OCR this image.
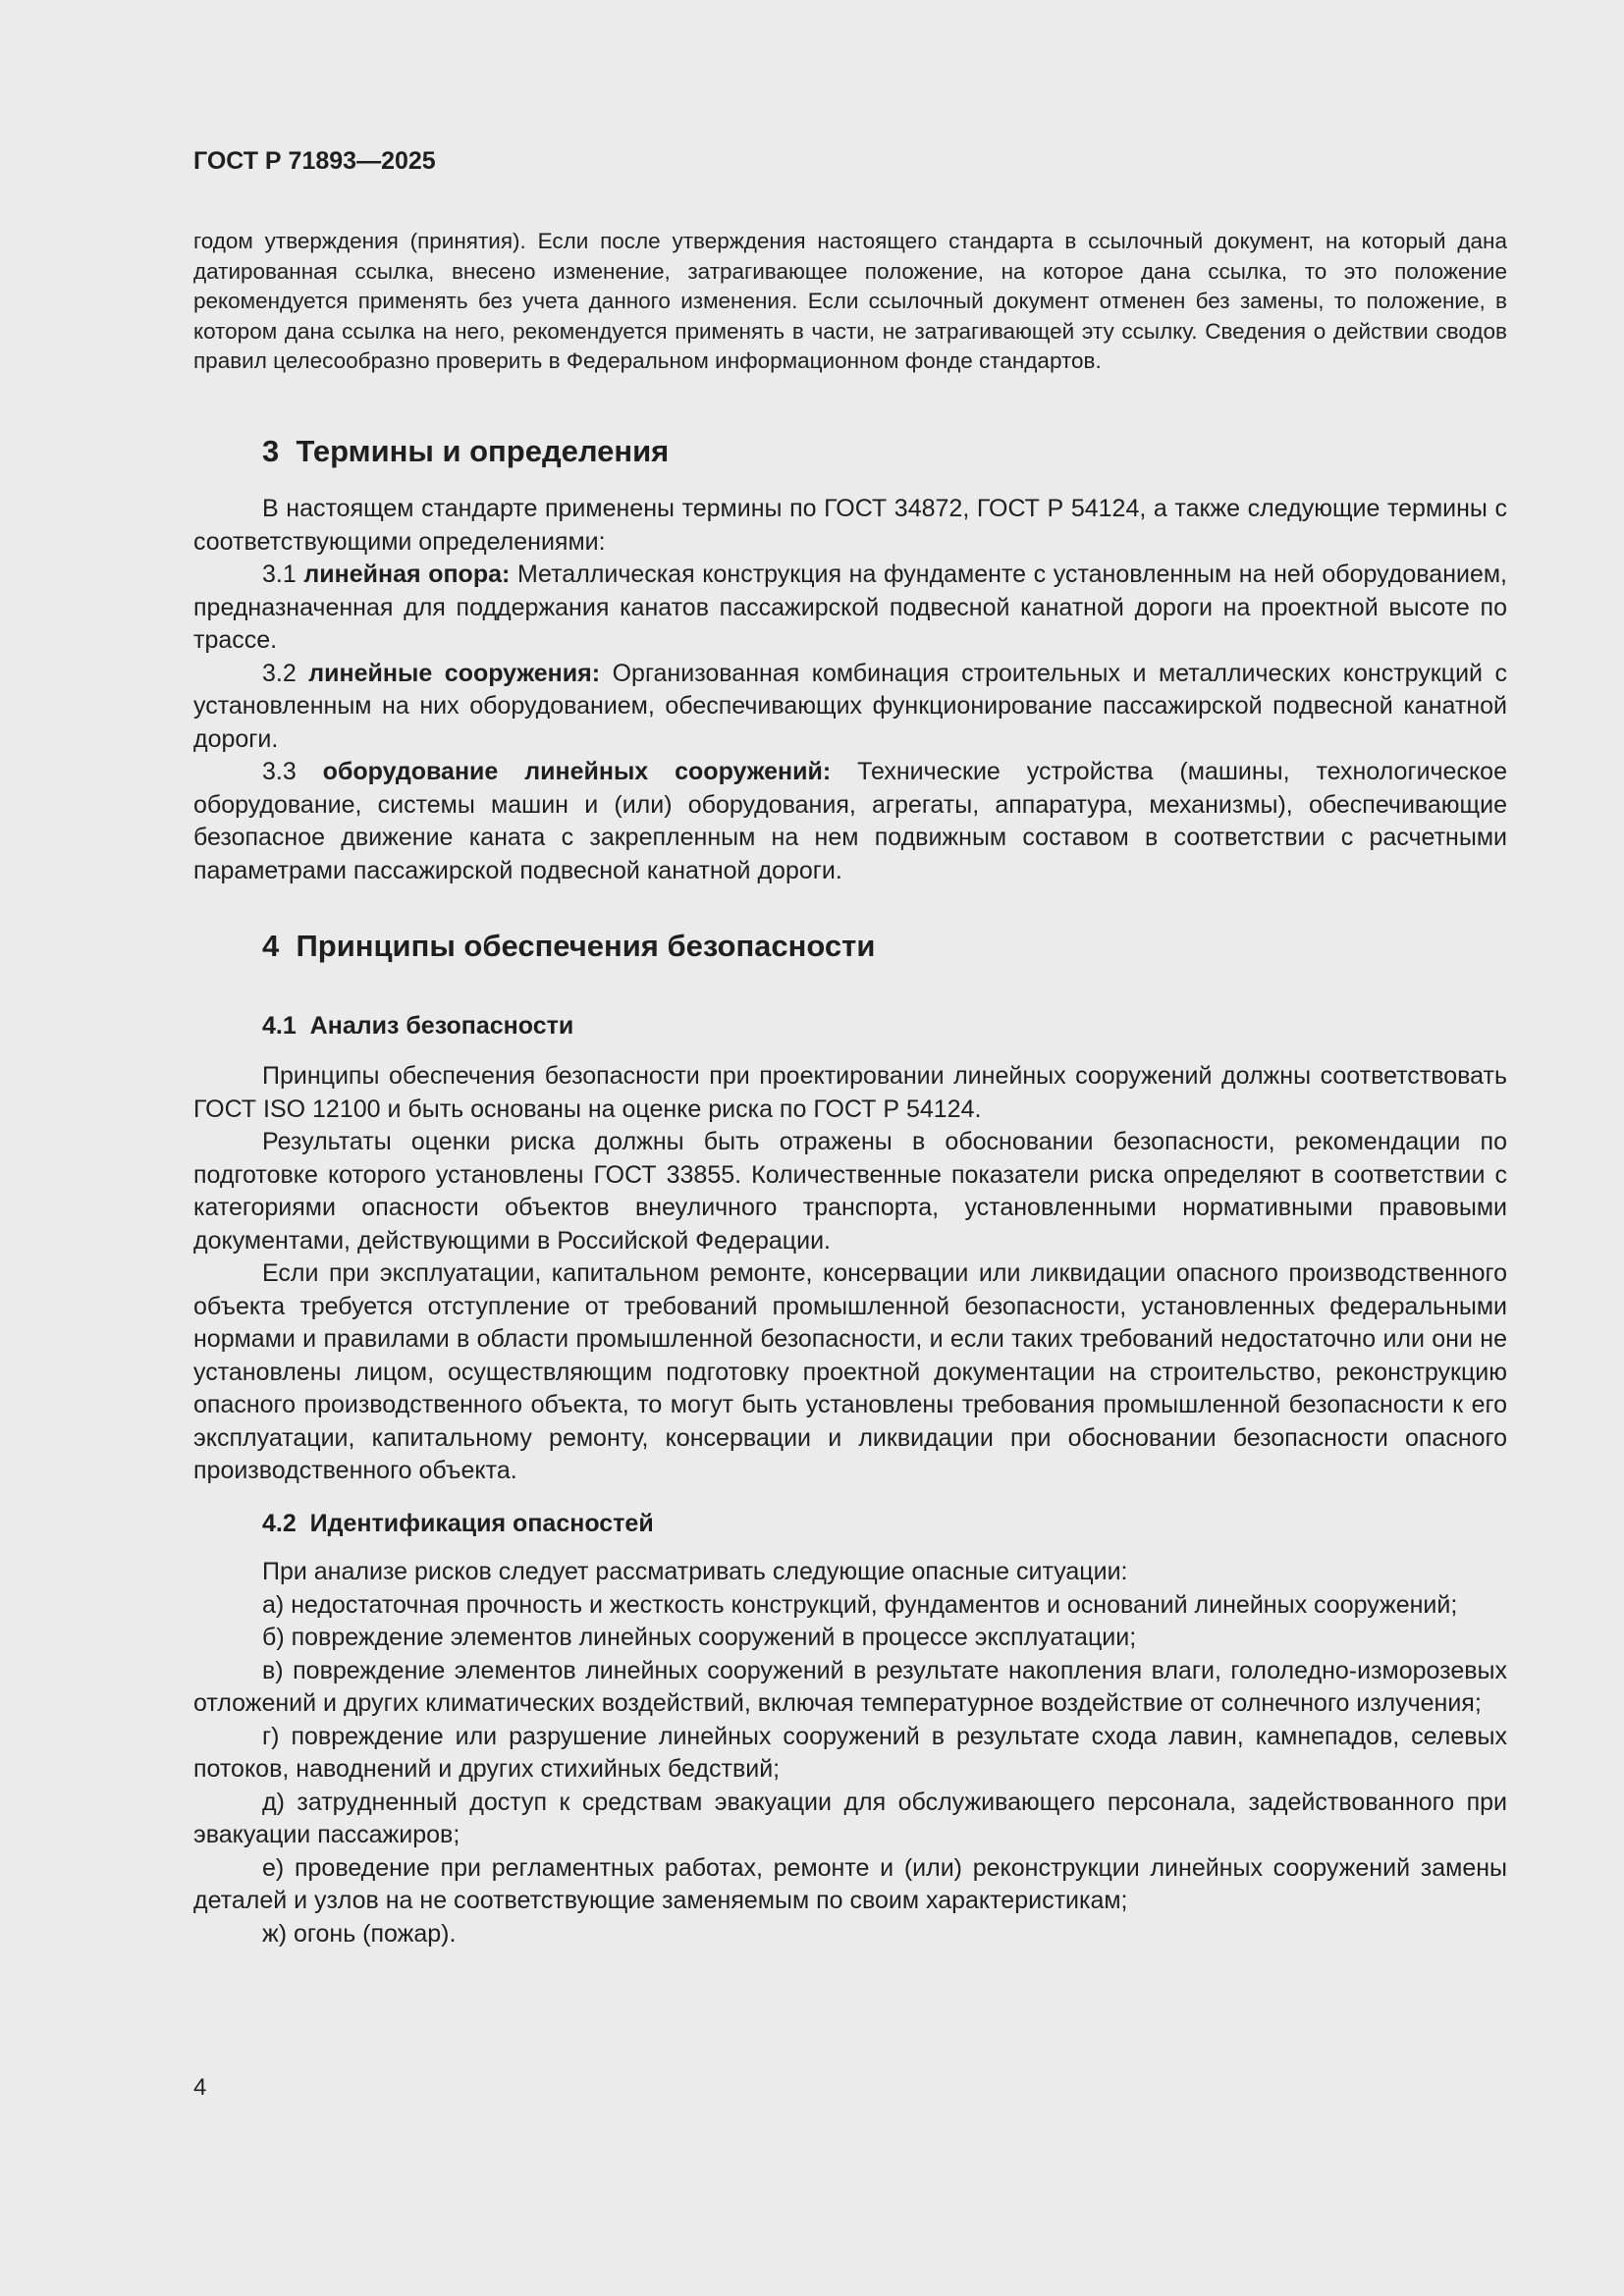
ГОСТ Р 71893—2025

годом утверждения (принятия). Если после утверждения настоящего стандарта в ссылочный документ, на который дана датированная ссылка, внесено изменение, затрагивающее положение, на которое дана ссылка, то это положение рекомендуется применять без учета данного изменения. Если ссылочный документ отменен без замены, то положение, в котором дана ссылка на него, рекомендуется применять в части, не затрагивающей эту ссылку. Сведения о действии сводов правил целесообразно проверить в Федеральном информационном фонде стандартов.

3 Термины и определения

В настоящем стандарте применены термины по ГОСТ 34872, ГОСТ Р 54124, а также следующие термины с соответствующими определениями:

3.1 линейная опора: Металлическая конструкция на фундаменте с установленным на ней оборудованием, предназначенная для поддержания канатов пассажирской подвесной канатной дороги на проектной высоте по трассе.

3.2 линейные сооружения: Организованная комбинация строительных и металлических конструкций с установленным на них оборудованием, обеспечивающих функционирование пассажирской подвесной канатной дороги.

3.3 оборудование линейных сооружений: Технические устройства (машины, технологическое оборудование, системы машин и (или) оборудования, агрегаты, аппаратура, механизмы), обеспечивающие безопасное движение каната с закрепленным на нем подвижным составом в соответствии с расчетными параметрами пассажирской подвесной канатной дороги.

4 Принципы обеспечения безопасности
4.1 Анализ безопасности

Принципы обеспечения безопасности при проектировании линейных сооружений должны соответствовать ГОСТ ISO 12100 и быть основаны на оценке риска по ГОСТ Р 54124.

Результаты оценки риска должны быть отражены в обосновании безопасности, рекомендации по подготовке которого установлены ГОСТ 33855. Количественные показатели риска определяют в соответствии с категориями опасности объектов внеуличного транспорта, установленными нормативными правовыми документами, действующими в Российской Федерации.

Если при эксплуатации, капитальном ремонте, консервации или ликвидации опасного производственного объекта требуется отступление от требований промышленной безопасности, установленных федеральными нормами и правилами в области промышленной безопасности, и если таких требований недостаточно или они не установлены лицом, осуществляющим подготовку проектной документации на строительство, реконструкцию опасного производственного объекта, то могут быть установлены требования промышленной безопасности к его эксплуатации, капитальному ремонту, консервации и ликвидации при обосновании безопасности опасного производственного объекта.

4.2 Идентификация опасностей

При анализе рисков следует рассматривать следующие опасные ситуации:

а) недостаточная прочность и жесткость конструкций, фундаментов и оснований линейных сооружений;

б) повреждение элементов линейных сооружений в процессе эксплуатации;

в) повреждение элементов линейных сооружений в результате накопления влаги, гололедно-изморозевых отложений и других климатических воздействий, включая температурное воздействие от солнечного излучения;

г) повреждение или разрушение линейных сооружений в результате схода лавин, камнепадов, селевых потоков, наводнений и других стихийных бедствий;

д) затрудненный доступ к средствам эвакуации для обслуживающего персонала, задействованного при эвакуации пассажиров;

е) проведение при регламентных работах, ремонте и (или) реконструкции линейных сооружений замены деталей и узлов на не соответствующие заменяемым по своим характеристикам;

ж) огонь (пожар).

4
